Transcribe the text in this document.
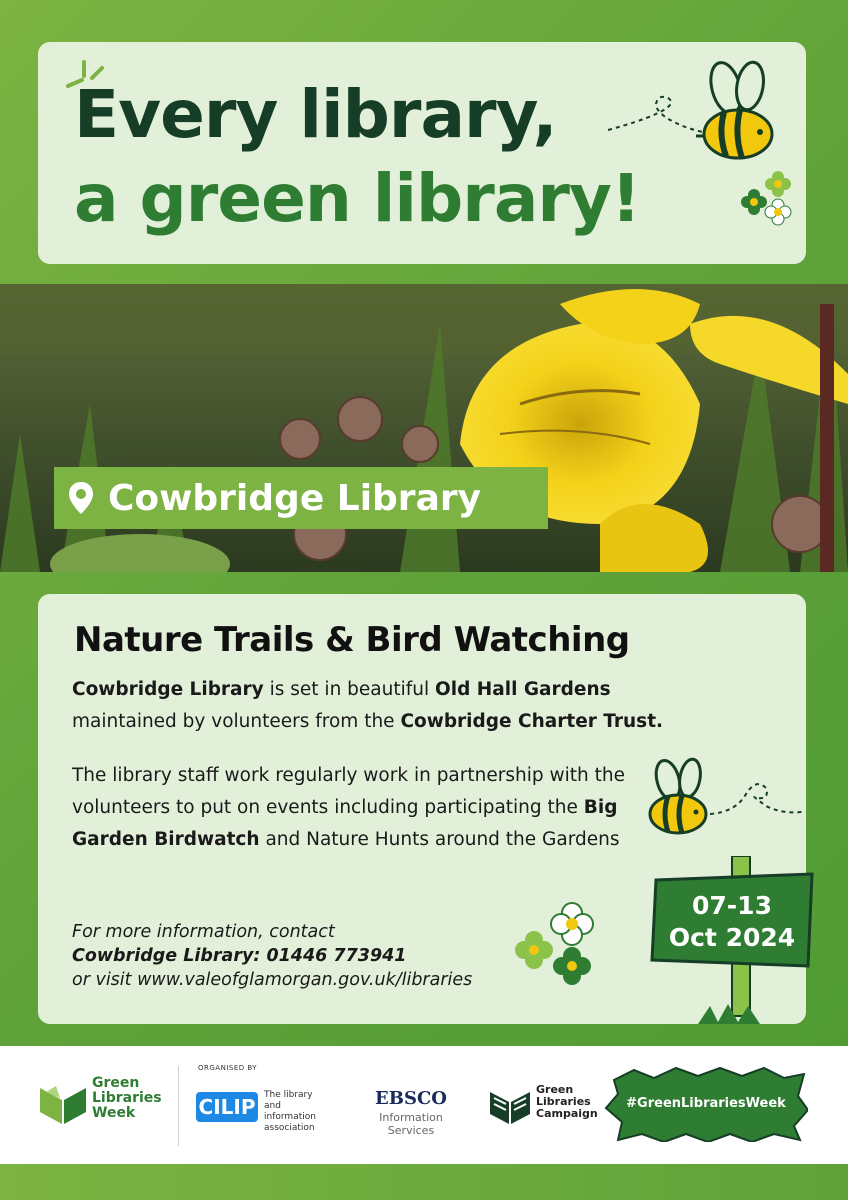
Every library,
a green library!
Cowbridge Library
Nature Trails & Bird Watching
Cowbridge Library is set in beautiful Old Hall Gardens
maintained by volunteers from the Cowbridge Charter Trust.
The library staff work regularly work in partnership with the volunteers to put on events including participating the Big Garden Birdwatch and Nature Hunts around the Gardens
07-13
Oct 2024
For more information, contact
Cowbridge Library: 01446 773941
or visit www.valeofglamorgan.gov.uk/libraries
Green
Libraries
Week
ORGANISED BY
CILIP The library
and information
association
EBSCO
Information Services
Green
Libraries
Campaign
#GreenLibrariesWeek
